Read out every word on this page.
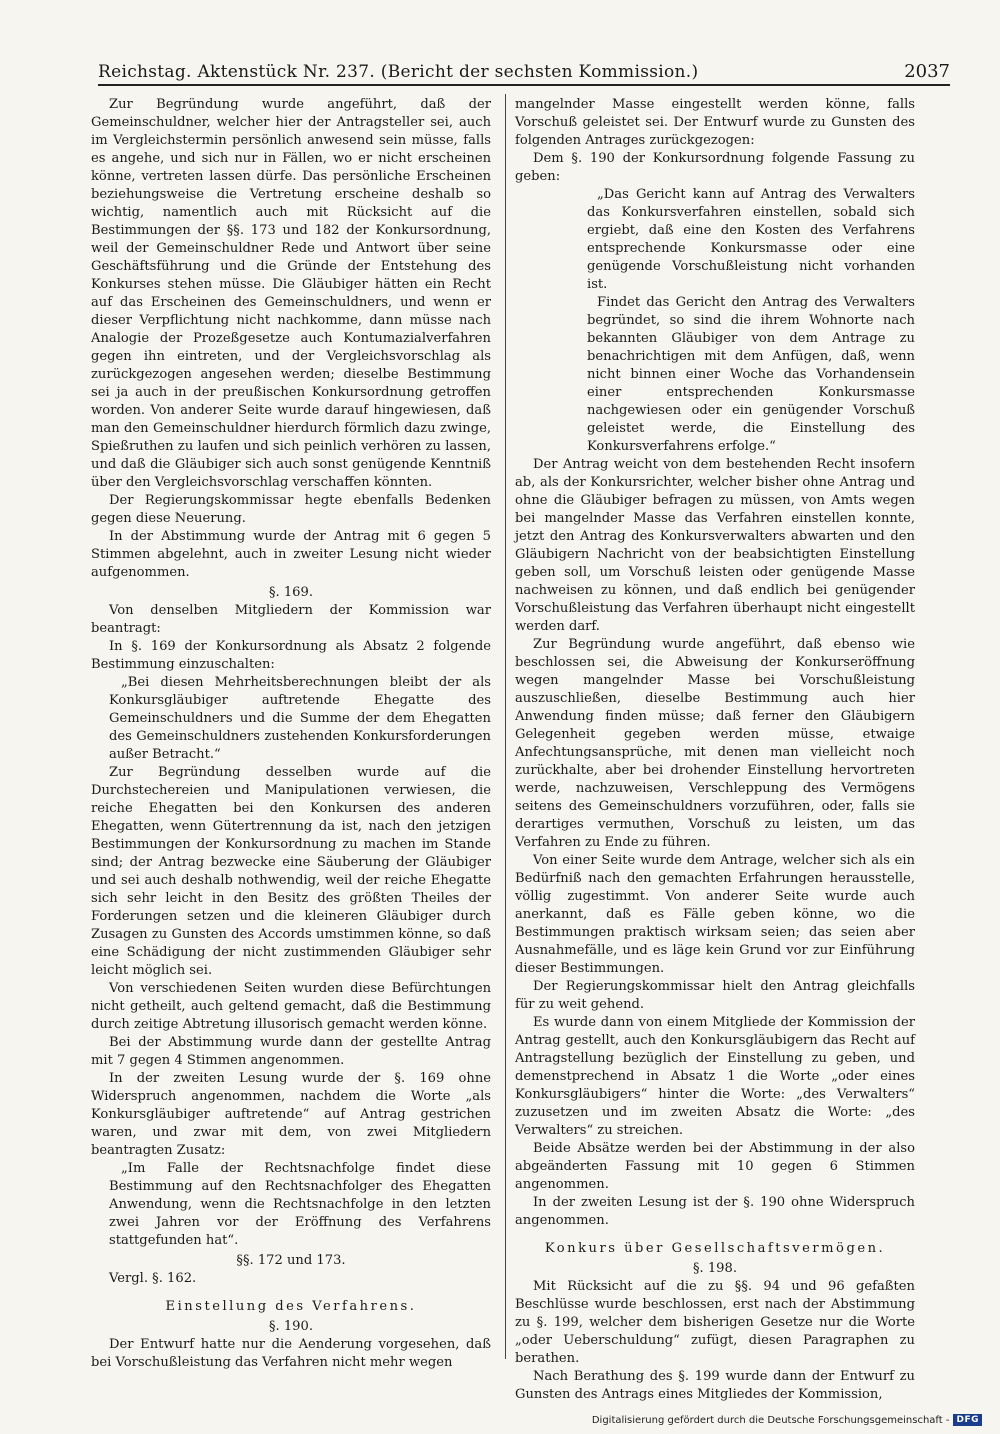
Reichstag. Aktenstück Nr. 237. (Bericht der sechsten Kommission.)	2037

Zur Begründung wurde angeführt, daß der Gemeinschuldner, welcher hier der Antragsteller sei, auch im Vergleichstermin persönlich anwesend sein müsse, falls es angehe, und sich nur in Fällen, wo er nicht erscheinen könne, vertreten lassen dürfe. Das persönliche Erscheinen beziehungsweise die Vertretung erscheine deshalb so wichtig, namentlich auch mit Rücksicht auf die Bestimmungen der §§. 173 und 182 der Konkursordnung, weil der Gemeinschuldner Rede und Antwort über seine Geschäftsführung und die Gründe der Entstehung des Konkurses stehen müsse. Die Gläubiger hätten ein Recht auf das Erscheinen des Gemeinschuldners, und wenn er dieser Verpflichtung nicht nachkomme, dann müsse nach Analogie der Prozeßgesetze auch Kontumazialverfahren gegen ihn eintreten, und der Vergleichsvorschlag als zurückgezogen angesehen werden; dieselbe Bestimmung sei ja auch in der preußischen Konkursordnung getroffen worden. Von anderer Seite wurde darauf hingewiesen, daß man den Gemeinschuldner hierdurch förmlich dazu zwinge, Spießruthen zu laufen und sich peinlich verhören zu lassen, und daß die Gläubiger sich auch sonst genügende Kenntniß über den Vergleichsvorschlag verschaffen könnten.

Der Regierungskommissar hegte ebenfalls Bedenken gegen diese Neuerung.

In der Abstimmung wurde der Antrag mit 6 gegen 5 Stimmen abgelehnt, auch in zweiter Lesung nicht wieder aufgenommen.

§. 169.

Von denselben Mitgliedern der Kommission war beantragt:

In §. 169 der Konkursordnung als Absatz 2 folgende Bestimmung einzuschalten:

„Bei diesen Mehrheitsberechnungen bleibt der als Konkursgläubiger auftretende Ehegatte des Gemeinschuldners und die Summe der dem Ehegatten des Gemeinschuldners zustehenden Konkursforderungen außer Betracht.“

Zur Begründung desselben wurde auf die Durchstechereien und Manipulationen verwiesen, die reiche Ehegatten bei den Konkursen des anderen Ehegatten, wenn Gütertrennung da ist, nach den jetzigen Bestimmungen der Konkursordnung zu machen im Stande sind; der Antrag bezwecke eine Säuberung der Gläubiger und sei auch deshalb nothwendig, weil der reiche Ehegatte sich sehr leicht in den Besitz des größten Theiles der Forderungen setzen und die kleineren Gläubiger durch Zusagen zu Gunsten des Accords umstimmen könne, so daß eine Schädigung der nicht zustimmenden Gläubiger sehr leicht möglich sei.

Von verschiedenen Seiten wurden diese Befürchtungen nicht getheilt, auch geltend gemacht, daß die Bestimmung durch zeitige Abtretung illusorisch gemacht werden könne.

Bei der Abstimmung wurde dann der gestellte Antrag mit 7 gegen 4 Stimmen angenommen.

In der zweiten Lesung wurde der §. 169 ohne Widerspruch angenommen, nachdem die Worte „als Konkursgläubiger auftretende“ auf Antrag gestrichen waren, und zwar mit dem, von zwei Mitgliedern beantragten Zusatz:

„Im Falle der Rechtsnachfolge findet diese Bestimmung auf den Rechtsnachfolger des Ehegatten Anwendung, wenn die Rechtsnachfolge in den letzten zwei Jahren vor der Eröffnung des Verfahrens stattgefunden hat“.

§§. 172 und 173.

Vergl. §. 162.

Einstellung des Verfahrens.

§. 190.

Der Entwurf hatte nur die Aenderung vorgesehen, daß bei Vorschußleistung das Verfahren nicht mehr wegen

mangelnder Masse eingestellt werden könne, falls Vorschuß geleistet sei. Der Entwurf wurde zu Gunsten des folgenden Antrages zurückgezogen:

Dem §. 190 der Konkursordnung folgende Fassung zu geben:

„Das Gericht kann auf Antrag des Verwalters das Konkursverfahren einstellen, sobald sich ergiebt, daß eine den Kosten des Verfahrens entsprechende Konkursmasse oder eine genügende Vorschußleistung nicht vorhanden ist.

Findet das Gericht den Antrag des Verwalters begründet, so sind die ihrem Wohnorte nach bekannten Gläubiger von dem Antrage zu benachrichtigen mit dem Anfügen, daß, wenn nicht binnen einer Woche das Vorhandensein einer entsprechenden Konkursmasse nachgewiesen oder ein genügender Vorschuß geleistet werde, die Einstellung des Konkursverfahrens erfolge.“

Der Antrag weicht von dem bestehenden Recht insofern ab, als der Konkursrichter, welcher bisher ohne Antrag und ohne die Gläubiger befragen zu müssen, von Amts wegen bei mangelnder Masse das Verfahren einstellen konnte, jetzt den Antrag des Konkursverwalters abwarten und den Gläubigern Nachricht von der beabsichtigten Einstellung geben soll, um Vorschuß leisten oder genügende Masse nachweisen zu können, und daß endlich bei genügender Vorschußleistung das Verfahren überhaupt nicht eingestellt werden darf.

Zur Begründung wurde angeführt, daß ebenso wie beschlossen sei, die Abweisung der Konkurseröffnung wegen mangelnder Masse bei Vorschußleistung auszuschließen, dieselbe Bestimmung auch hier Anwendung finden müsse; daß ferner den Gläubigern Gelegenheit gegeben werden müsse, etwaige Anfechtungsansprüche, mit denen man vielleicht noch zurückhalte, aber bei drohender Einstellung hervortreten werde, nachzuweisen, Verschleppung des Vermögens seitens des Gemeinschuldners vorzuführen, oder, falls sie derartiges vermuthen, Vorschuß zu leisten, um das Verfahren zu Ende zu führen.

Von einer Seite wurde dem Antrage, welcher sich als ein Bedürfniß nach den gemachten Erfahrungen herausstelle, völlig zugestimmt. Von anderer Seite wurde auch anerkannt, daß es Fälle geben könne, wo die Bestimmungen praktisch wirksam seien; das seien aber Ausnahmefälle, und es läge kein Grund vor zur Einführung dieser Bestimmungen.

Der Regierungskommissar hielt den Antrag gleichfalls für zu weit gehend.

Es wurde dann von einem Mitgliede der Kommission der Antrag gestellt, auch den Konkursgläubigern das Recht auf Antragstellung bezüglich der Einstellung zu geben, und demenstprechend in Absatz 1 die Worte „oder eines Konkursgläubigers“ hinter die Worte: „des Verwalters“ zuzusetzen und im zweiten Absatz die Worte: „des Verwalters“ zu streichen.

Beide Absätze werden bei der Abstimmung in der also abgeänderten Fassung mit 10 gegen 6 Stimmen angenommen.

In der zweiten Lesung ist der §. 190 ohne Widerspruch angenommen.

Konkurs über Gesellschaftsvermögen.

§. 198.

Mit Rücksicht auf die zu §§. 94 und 96 gefaßten Beschlüsse wurde beschlossen, erst nach der Abstimmung zu §. 199, welcher dem bisherigen Gesetze nur die Worte „oder Ueberschuldung“ zufügt, diesen Paragraphen zu berathen.

Nach Berathung des §. 199 wurde dann der Entwurf zu Gunsten des Antrags eines Mitgliedes der Kommission,

Digitalisierung gefördert durch die Deutsche Forschungsgemeinschaft - DFG
